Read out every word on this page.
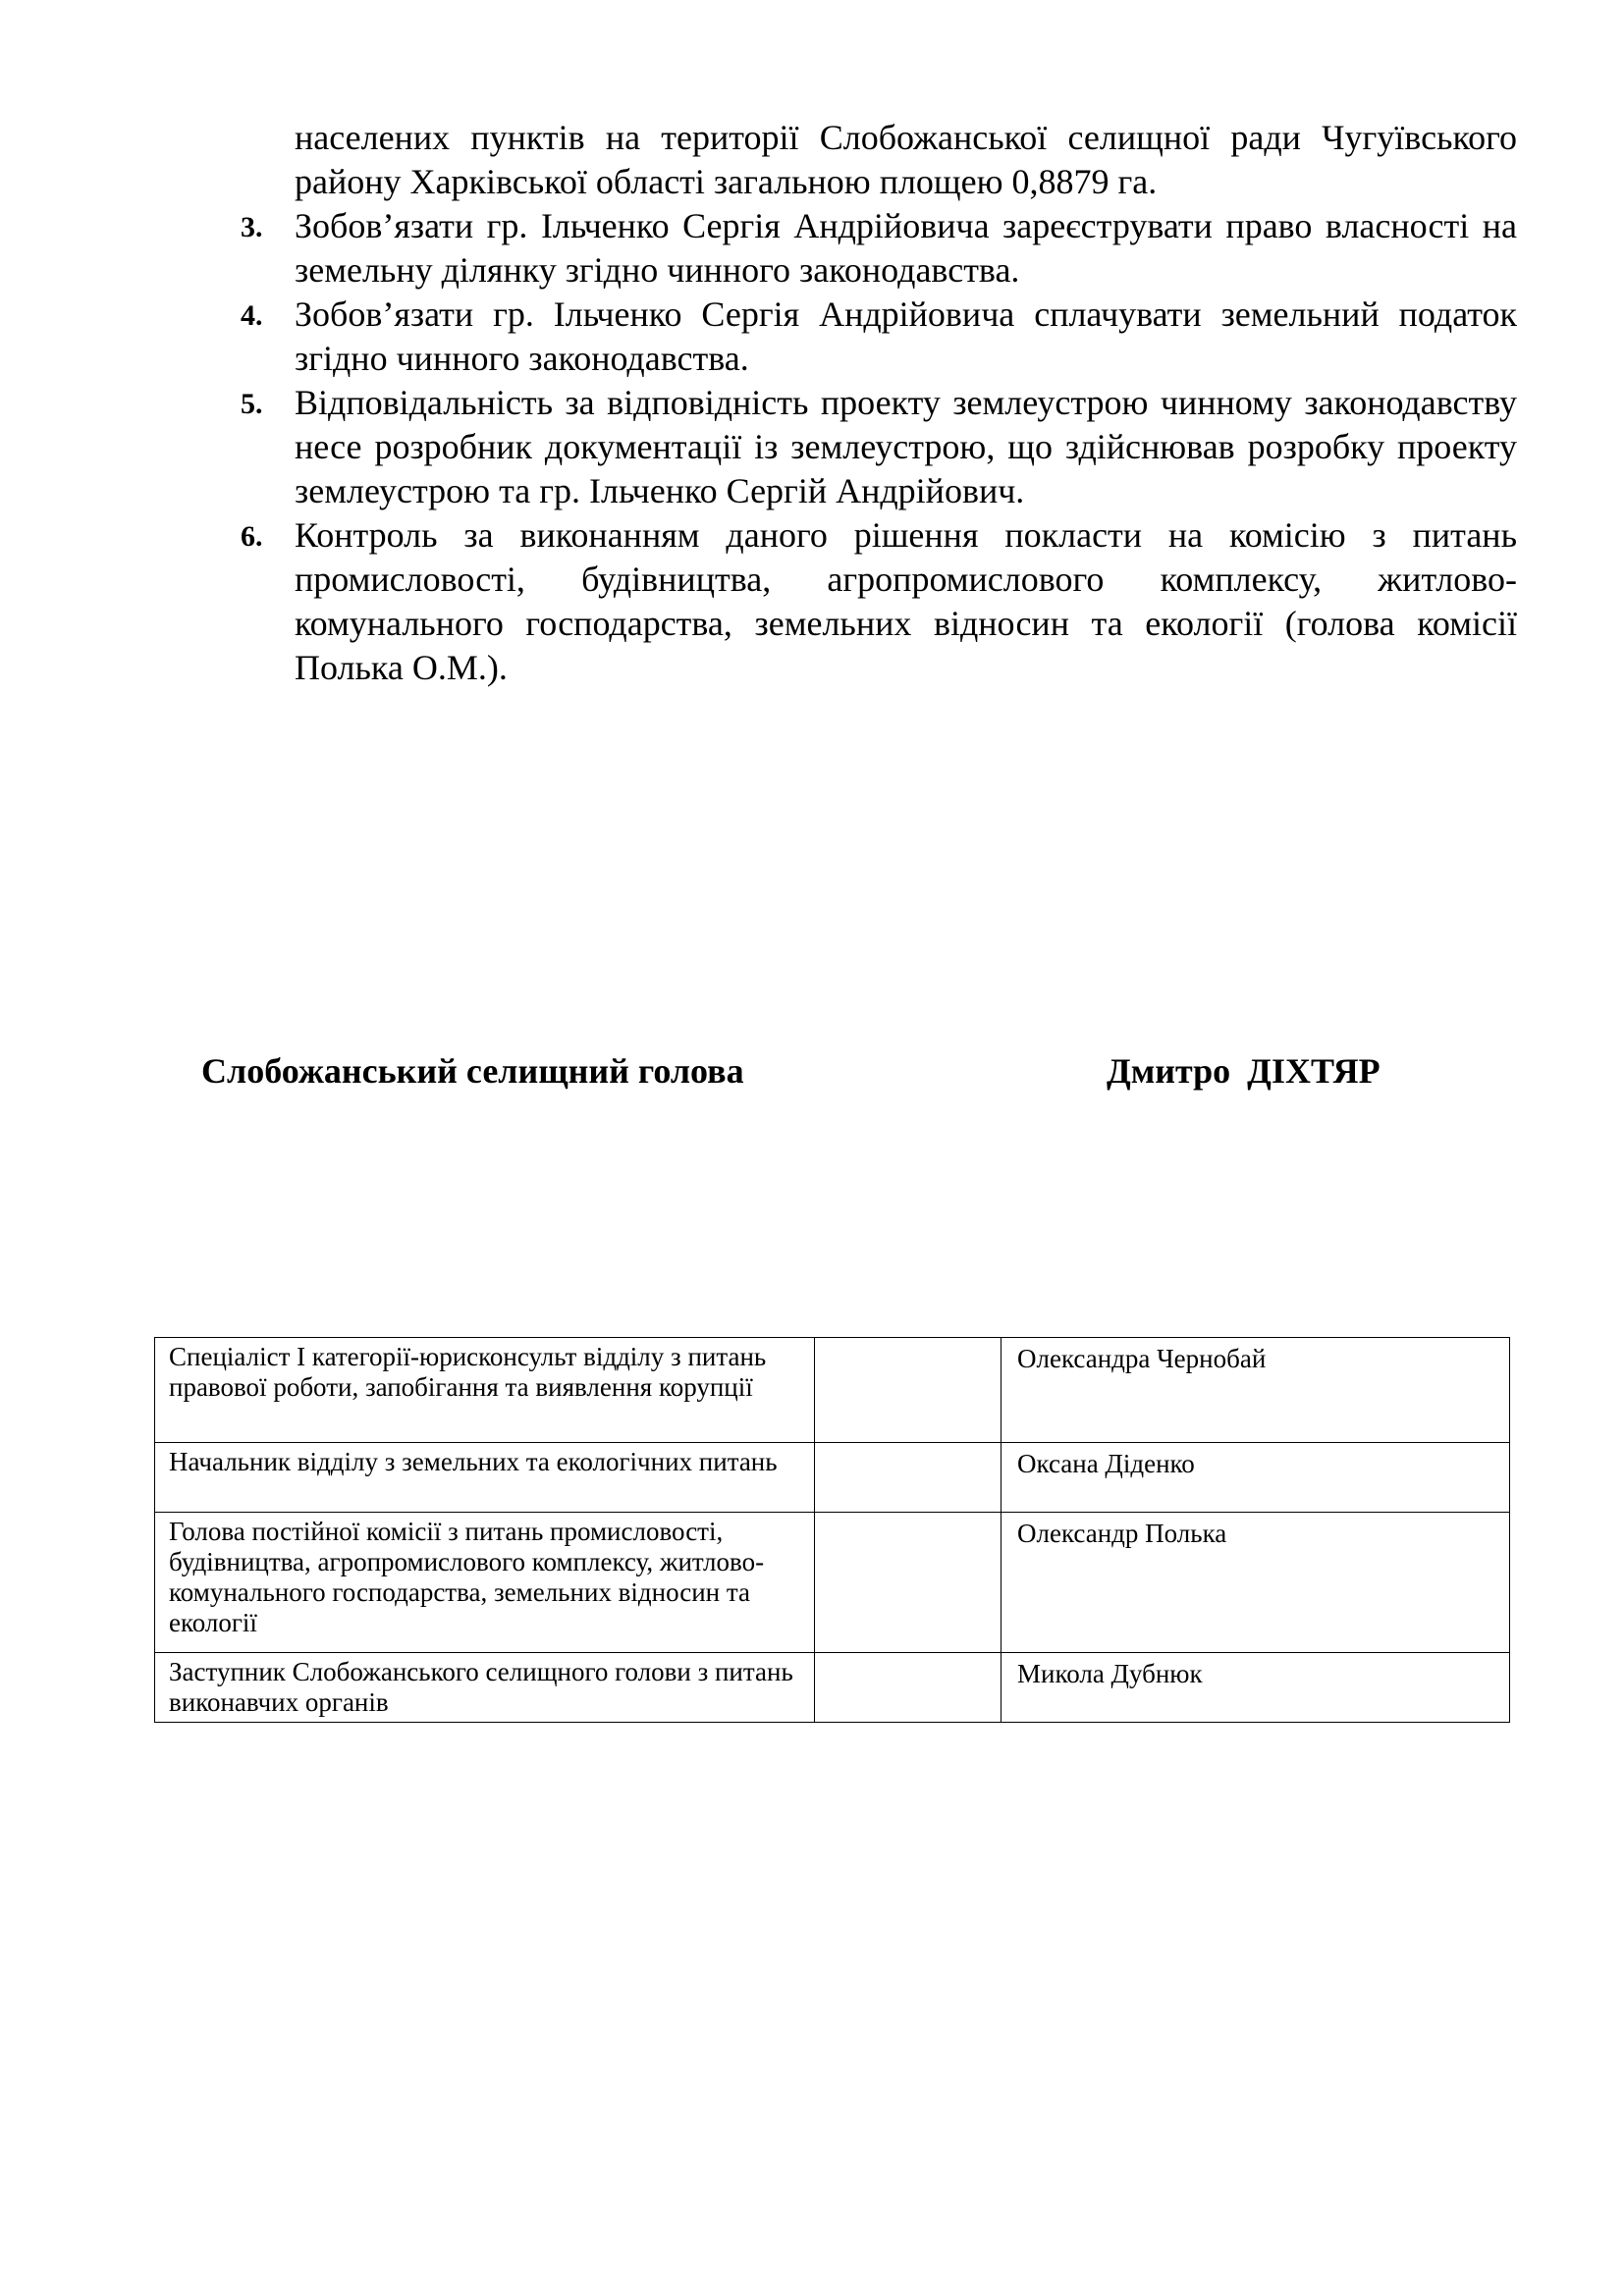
населених пунктів на території Слобожанської селищної ради Чугуївського району Харківської області загальною площею 0,8879 га.
3. Зобов’язати гр. Ільченко Сергія Андрійовича зареєструвати право власності на земельну ділянку згідно чинного законодавства.
4. Зобов’язати гр. Ільченко Сергія Андрійовича сплачувати земельний податок згідно чинного законодавства.
5. Відповідальність за відповідність проекту землеустрою чинному законодавству несе розробник документації із землеустрою, що здійснював розробку проекту землеустрою та гр. Ільченко Сергій Андрійович.
6. Контроль за виконанням даного рішення покласти на комісію з питань промисловості, будівництва, агропромислового комплексу, житлово-комунального господарства, земельних відносин та екології (голова комісії Полька О.М.).
Слобожанський селищний голова	Дмитро ДІХТЯР
Спеціаліст І категорії-юрисконсульт відділу з питань правової роботи, запобігання та виявлення корупції		Олександра Чернобай
Начальник відділу з земельних та екологічних питань		Оксана Діденко
Голова постійної комісії з питань промисловості, будівництва, агропромислового комплексу, житлово-комунального господарства, земельних відносин та екології		Олександр Полька
Заступник Слобожанського селищного голови з питань виконавчих органів		Микола Дубнюк
